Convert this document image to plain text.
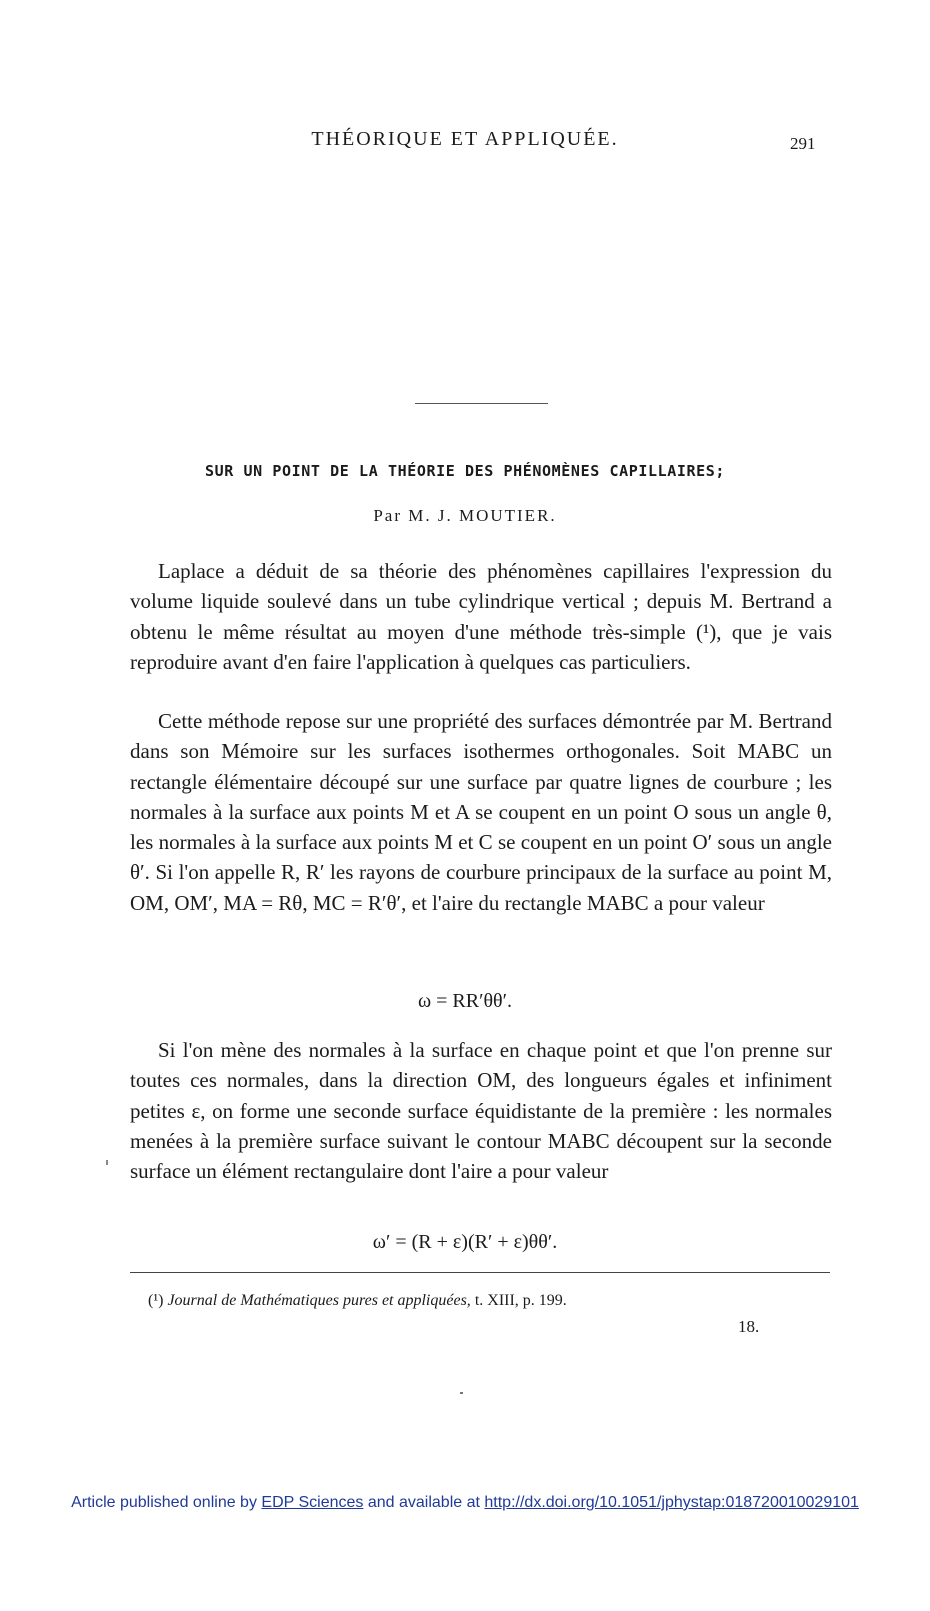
THÉORIQUE ET APPLIQUÉE.	291
SUR UN POINT DE LA THÉORIE DES PHÉNOMÈNES CAPILLAIRES;
Par M. J. MOUTIER.

Laplace a déduit de sa théorie des phénomènes capillaires l'expression du volume liquide soulevé dans un tube cylindrique vertical ; depuis M. Bertrand a obtenu le même résultat au moyen d'une méthode très-simple (¹), que je vais reproduire avant d'en faire l'application à quelques cas particuliers.

Cette méthode repose sur une propriété des surfaces démontrée par M. Bertrand dans son Mémoire sur les surfaces isothermes orthogonales. Soit MABC un rectangle élémentaire découpé sur une surface par quatre lignes de courbure ; les normales à la surface aux points M et A se coupent en un point O sous un angle θ, les normales à la surface aux points M et C se coupent en un point O′ sous un angle θ′. Si l'on appelle R, R′ les rayons de courbure principaux de la surface au point M, OM, OM′, MA = Rθ, MC = R′θ′, et l'aire du rectangle MABC a pour valeur

ω = RR′θθ′.

Si l'on mène des normales à la surface en chaque point et que l'on prenne sur toutes ces normales, dans la direction OM, des longueurs égales et infiniment petites ε, on forme une seconde surface équidistante de la première : les normales menées à la première surface suivant le contour MABC découpent sur la seconde surface un élément rectangulaire dont l'aire a pour valeur

ω′ = (R + ε)(R′ + ε)θθ′.
(¹) Journal de Mathématiques pures et appliquées, t. XIII, p. 199.
18.
Article published online by EDP Sciences and available at http://dx.doi.org/10.1051/jphystap:018720010029101
